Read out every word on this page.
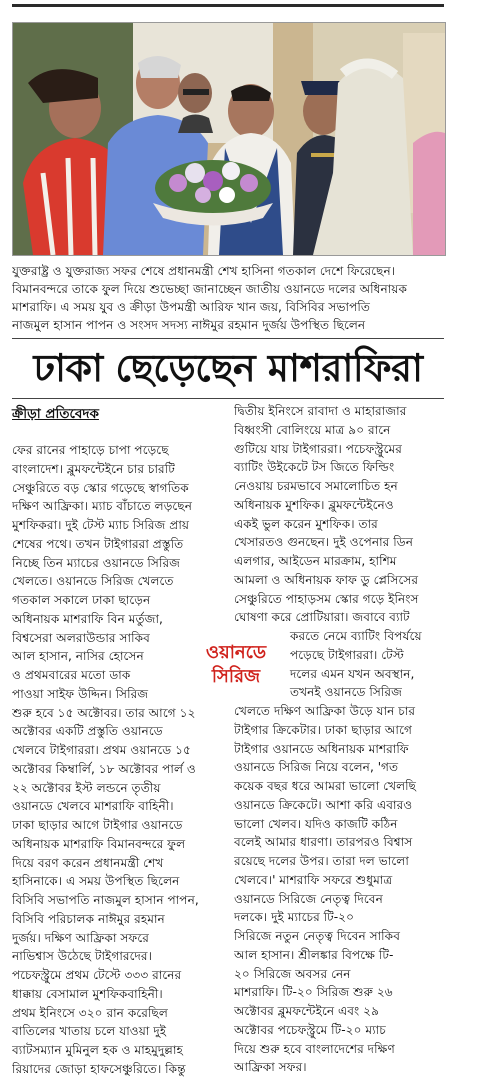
যুক্তরাষ্ট্র ও যুক্তরাজ্য সফর শেষে প্রধানমন্ত্রী শেখ হাসিনা গতকাল দেশে ফিরেছেন।
বিমানবন্দরে তাকে ফুল দিয়ে শুভেচ্ছা জানাচ্ছেন জাতীয় ওয়ানডে দলের অধিনায়ক
মাশরাফি। এ সময় যুব ও ক্রীড়া উপমন্ত্রী আরিফ খান জয়, বিসিবির সভাপতি
নাজমুল হাসান পাপন ও সংসদ সদস্য নাঈমুর রহমান দুর্জয় উপস্থিত ছিলেন
ঢাকা ছেড়েছেন মাশরাফিরা
ক্রীড়া প্রতিবেদক
ফের রানের পাহাড়ে চাপা পড়েছে
বাংলাদেশ। ব্লুমফন্টেইনে চার চারটি
সেঞ্চুরিতে বড় স্কোর গড়েছে স্বাগতিক
দক্ষিণ আফ্রিকা। ম্যাচ বাঁচাতে লড়ছেন
মুশফিকরা। দুই টেস্ট ম্যাচ সিরিজ প্রায়
শেষের পথে। তখন টাইগাররা প্রস্তুতি
নিচ্ছে তিন ম্যাচের ওয়ানডে সিরিজ
খেলতে। ওয়ানডে সিরিজ খেলতে
গতকাল সকালে ঢাকা ছাড়েন
অধিনায়ক মাশরাফি বিন মর্তুজা,
বিশ্বসেরা অলরাউন্ডার সাকিব
আল হাসান, নাসির হোসেন
ও প্রথমবারের মতো ডাক
পাওয়া সাইফ উদ্দিন। সিরিজ
শুরু হবে ১৫ অক্টোবর। তার আগে ১২
অক্টোবর একটি প্রস্তুতি ওয়ানডে
খেলবে টাইগাররা। প্রথম ওয়ানডে ১৫
অক্টোবর কিম্বার্লি, ১৮ অক্টোবর পার্ল ও
২২ অক্টোবর ইস্ট লন্ডনে তৃতীয়
ওয়ানডে খেলবে মাশরাফি বাহিনী।
ঢাকা ছাড়ার আগে টাইগার ওয়ানডে
অধিনায়ক মাশরাফি বিমানবন্দরে ফুল
দিয়ে বরণ করেন প্রধানমন্ত্রী শেখ
হাসিনাকে। এ সময় উপস্থিত ছিলেন
বিসিবি সভাপতি নাজমুল হাসান পাপন,
বিসিবি পরিচালক নাঈমুর রহমান
দুর্জয়। দক্ষিণ আফ্রিকা সফরে
নাভিশ্বাস উঠেছে টাইগারদের।
পচেফস্ট্রুমে প্রথম টেস্টে ৩৩৩ রানের
ধাক্কায় বেসামাল মুশফিকবাহিনী।
প্রথম ইনিংসে ৩২০ রান করেছিল
বাতিলের খাতায় চলে যাওয়া দুই
ব্যাটসম্যান মুমিনুল হক ও মাহমুদুল্লাহ
রিয়াদের জোড়া হাফসেঞ্চুরিতে। কিন্তু
দ্বিতীয় ইনিংসে রাবাদা ও মাহারাজার
বিধ্বংসী বোলিংয়ে মাত্র ৯০ রানে
গুটিয়ে যায় টাইগাররা। পচেফস্ট্রুমের
ব্যাটিং উইকেটে টস জিতে ফিল্ডিং
নেওয়ায় চরমভাবে সমালোচিত হন
অধিনায়ক মুশফিক। ব্লুমফন্টেইনেও
একই ভুল করেন মুশফিক। তার
খেসারতও গুনছেন। দুই ওপেনার ডিন
এলগার, আইডেন মারক্রাম, হাশিম
আমলা ও অধিনায়ক ফাফ ডু প্লেসিসের
সেঞ্চুরিতে পাহাড়সম স্কোর গড়ে ইনিংস
ঘোষণা করে প্রোটিয়ারা। জবাবে ব্যাট
করতে নেমে ব্যাটিং বিপর্যয়ে
পড়েছে টাইগাররা। টেস্ট
দলের এমন যখন অবস্থান,
তখনই ওয়ানডে সিরিজ
খেলতে দক্ষিণ আফ্রিকা উড়ে যান চার
টাইগার ক্রিকেটার। ঢাকা ছাড়ার আগে
টাইগার ওয়ানডে অধিনায়ক মাশরাফি
ওয়ানডে সিরিজ নিয়ে বলেন, 'গত
কয়েক বছর ধরে আমরা ভালো খেলছি
ওয়ানডে ক্রিকেটে। আশা করি এবারও
ভালো খেলব। যদিও কাজটি কঠিন
বলেই আমার ধারণা। তারপরও বিশ্বাস
রয়েছে দলের উপর। তারা দল ভালো
খেলবে।' মাশরাফি সফরে শুধুমাত্র
ওয়ানডে সিরিজে নেতৃত্ব দিবেন
দলকে। দুই ম্যাচের টি-২০
সিরিজে নতুন নেতৃত্ব দিবেন সাকিব
আল হাসান। শ্রীলঙ্কার বিপক্ষে টি-
২০ সিরিজে অবসর নেন
মাশরাফি। টি-২০ সিরিজ শুরু ২৬
অক্টোবর ব্লুমফন্টেইনে এবং ২৯
অক্টোবর পচেফস্ট্রুমে টি-২০ ম্যাচ
দিয়ে শুরু হবে বাংলাদেশের দক্ষিণ
আফ্রিকা সফর।
ওয়ানডে
সিরিজ
